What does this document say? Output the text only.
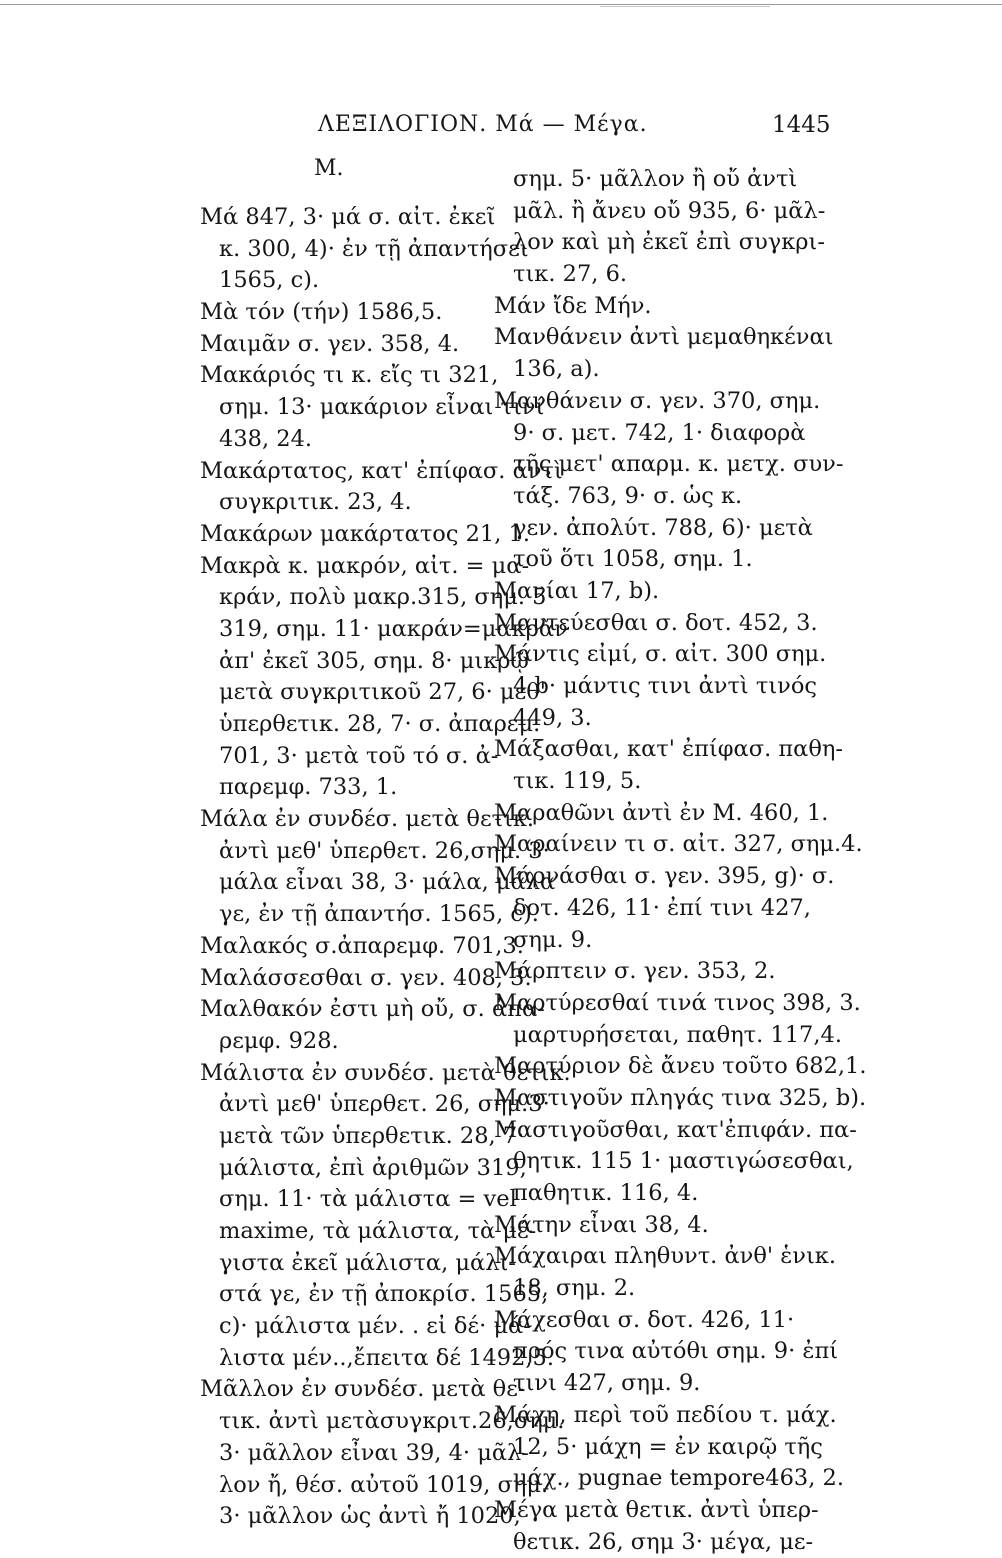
ΛΕΞΙΛΟΓΙΟΝ. Μά — Μέγα.	1445
Μ.
Μά 847, 3· μά σ. αἰτ. ἐκεῖ
κ. 300, 4)· ἐν τῇ ἀπαντήσει
1565, c).
Μὰ τόν (τήν) 1586,5.
Μαιμᾶν σ. γεν. 358, 4.
Μακάριός τι κ. εἴς τι 321,
σημ. 13· μακάριον εἶναι τινί
438, 24.
Μακάρτατος, κατ' ἐπίφασ. ἀντὶ
συγκριτικ. 23, 4.
Μακάρων μακάρτατος 21, 1.
Μακρὰ κ. μακρόν, αἰτ. = μα-
κράν, πολὺ μακρ.315, σημ. 5·
319, σημ. 11· μακράν=μακρὰν
ἀπ' ἐκεῖ 305, σημ. 8· μικρῷ
μετὰ συγκριτικοῦ 27, 6· μεθ'
ὑπερθετικ. 28, 7· σ. ἀπαρεμ.
701, 3· μετὰ τοῦ τό σ. ἀ-
παρεμφ. 733, 1.
Μάλα ἐν συνδέσ. μετὰ θετικ.
ἀντὶ μεθ' ὑπερθετ. 26,σημ. 3·
μάλα εἶναι 38, 3· μάλα, μάλα
γε, ἐν τῇ ἀπαντήσ. 1565, c).
Μαλακός σ.ἀπαρεμφ. 701,3.
Μαλάσσεσθαι σ. γεν. 408, 3.
Μαλθακόν ἐστι μὴ οὔ, σ. ἀπα-
ρεμφ. 928.
Μάλιστα ἐν συνδέσ. μετὰ θετικ.
ἀντὶ μεθ' ὑπερθετ. 26, σημ.3·
μετὰ τῶν ὑπερθετικ. 28, 7·
μάλιστα, ἐπὶ ἀριθμῶν 319,
σημ. 11· τὰ μάλιστα = vel
maxime, τὰ μάλιστα, τὰ μέ-
γιστα ἐκεῖ μάλιστα, μάλι-
στά γε, ἐν τῇ ἀποκρίσ. 1565,
c)· μάλιστα μέν. . εἰ δέ· μά-
λιστα μέν..,ἔπειτα δέ 1492,5.
Μᾶλλον ἐν συνδέσ. μετὰ θε-
τικ. ἀντὶ μετὰσυγκριτ.26,σημ.
3· μᾶλλον εἶναι 39, 4· μᾶλ-
λον ἤ, θέσ. αὐτοῦ 1019, σημ.
3· μᾶλλον ὡς ἀντὶ ἤ 1020,
σημ. 5· μᾶλλον ἢ οὔ ἀντὶ
μᾶλ. ἢ ἄνευ οὔ 935, 6· μᾶλ-
λον καὶ μὴ ἐκεῖ ἐπὶ συγκρι-
τικ. 27, 6.
Μάν ἴδε Μήν.
Μανθάνειν ἀντὶ μεμαθηκέναι
136, a).
Μανθάνειν σ. γεν. 370, σημ.
9· σ. μετ. 742, 1· διαφορὰ
τῆς μετ' απαρμ. κ. μετχ. συν-
τάξ. 763, 9· σ. ὡς κ.
γεν. ἀπολύτ. 788, 6)· μετὰ
τοῦ ὅτι 1058, σημ. 1.
Μανίαι 17, b).
Μαντεύεσθαι σ. δοτ. 452, 3.
Μάντις εἰμί, σ. αἰτ. 300 σημ.
4 b· μάντις τινι ἀντὶ τινός
449, 3.
Μάξασθαι, κατ' ἐπίφασ. παθη-
τικ. 119, 5.
Μαραθῶνι ἀντὶ ἐν Μ. 460, 1.
Μαραίνειν τι σ. αἰτ. 327, σημ.4.
Μάρνάσθαι σ. γεν. 395, g)· σ.
δοτ. 426, 11· ἐπί τινι 427,
σημ. 9.
Μάρπτειν σ. γεν. 353, 2.
Μαρτύρεσθαί τινά τινος 398, 3.
μαρτυρήσεται, παθητ. 117,4.
Μαρτύριον δὲ ἄνευ τοῦτο 682,1.
Μαστιγοῦν πληγάς τινα 325, b).
Μαστιγοῦσθαι, κατ'ἐπιφάν. πα-
θητικ. 115 1· μαστιγώσεσθαι,
παθητικ. 116, 4.
Μάτην εἶναι 38, 4.
Μάχαιραι πληθυντ. ἀνθ' ἑνικ.
18, σημ. 2.
Μάχεσθαι σ. δοτ. 426, 11·
πρός τινα αὐτόθι σημ. 9· ἐπί
τινι 427, σημ. 9.
Μάχη, περὶ τοῦ πεδίου τ. μάχ.
12, 5· μάχη = ἐν καιρῷ τῆς
μάχ., pugnae tempore463, 2.
Μέγα μετὰ θετικ. ἀντὶ ὑπερ-
θετικ. 26, σημ 3· μέγα, με-
